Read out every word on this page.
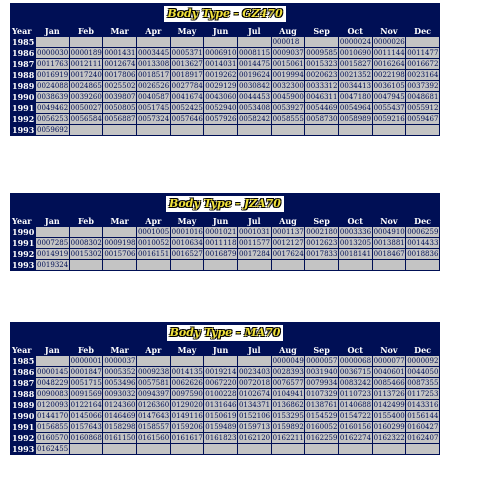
Body Type - GZ470												
Year	Jan	Feb	Mar	Apr	May	Jun	Jul	Aug	Sep	Oct	Nov	Dec
1985								000018		0000024	0000026	
1986	0000030	0000189	0001431	0003445	0005371	0006910	0008115	0009037	0009585	0010690	0011144	0011477
1987	0011763	0012111	0012674	0013308	0013627	0014031	0014475	0015061	0015323	0015827	0016264	0016672
1988	0016919	0017240	0017806	0018517	0018917	0019262	0019624	0019994	0020623	0021352	0022198	0023164
1989	0024088	0024865	0025502	0026526	0027784	0029129	0030842	0032300	0033312	0034413	0036105	0037392
1990	0038639	0039260	0039807	0040587	0041674	0043060	0044453	0045900	0046311	0047180	0047945	0048681
1991	0049462	0050027	0050805	0051745	0052425	0052940	0053408	0053927	0054469	0054964	0055437	0055912
1992	0056253	0056584	0056887	0057324	0057646	0057926	0058242	0058555	0058730	0058989	0059216	0059467
1993	0059692											
Body Type - JZA70												
Year	Jan	Feb	Mar	Apr	May	Jun	Jul	Aug	Sep	Oct	Nov	Dec
1990				0001005	0001016	0001021	0001031	0001137	0002180	0003336	0004910	0006259
1991	0007285	0008302	0009198	0010052	0010634	0011118	0011577	0012127	0012623	0013205	0013881	0014433
1992	0014919	0015302	0015706	0016151	0016527	0016879	0017284	0017624	0017833	0018141	0018467	0018836
1993	0019324											
Body Type - MA70												
Year	Jan	Feb	Mar	Apr	May	Jun	Jul	Aug	Sep	Oct	Nov	Dec
1985		0000001	0000037					0000049	0000057	0000068	0000077	0000092
1986	0000145	0001847	0005352	0009238	0014135	0019214	0023403	0028393	0031940	0036715	0040601	0044050
1987	0048229	0051715	0053496	0057581	0062626	0067220	0072018	0076577	0079934	0083242	0085466	0087355
1988	0090083	0091569	0093032	0094397	0097590	0100228	0102674	0104941	0107329	0110723	0113726	0117253
1989	0120093	0122164	0124360	0126360	0129020	0131646	0134371	0136862	0138761	0140688	0142499	0143316
1990	0144170	0145066	0146469	0147643	0149116	0150619	0152106	0153295	0154529	0154722	0155400	0156144
1991	0156855	0157643	0158298	0158557	0159206	0159489	0159713	0159892	0160052	0160156	0160299	0160427
1992	0160570	0160868	0161150	0161560	0161617	0161823	0162120	0162211	0162259	0162274	0162322	0162407
1993	0162455											
